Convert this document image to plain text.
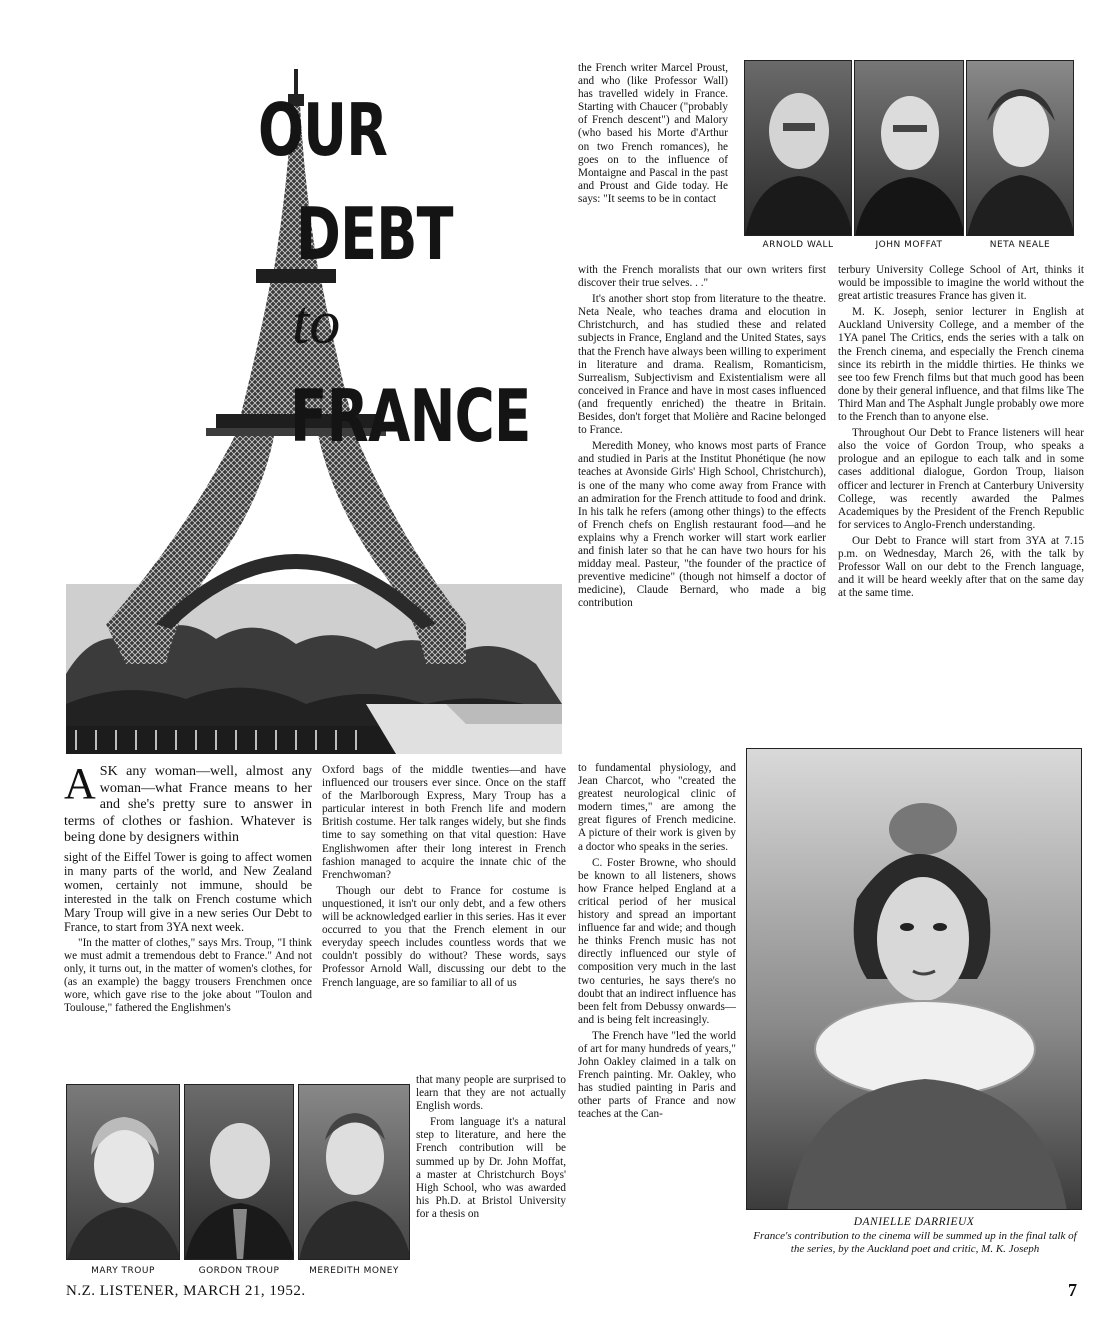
OUR
DEBT
to
FRANCE
ARNOLD WALL	JOHN MOFFAT	NETA NEALE

ASK any woman—well, almost any woman—what France means to her and she's pretty sure to answer in terms of clothes or fashion. Whatever is being done by designers within

sight of the Eiffel Tower is going to affect women in many parts of the world, and New Zealand women, certainly not immune, should be interested in the talk on French costume which Mary Troup will give in a new series Our Debt to France, to start from 3YA next week.

"In the matter of clothes," says Mrs. Troup, "I think we must admit a tremendous debt to France." And not only, it turns out, in the matter of women's clothes, for (as an example) the baggy trousers Frenchmen once wore, which gave rise to the joke about "Toulon and Toulouse," fathered the Englishmen's

MARY TROUP	GORDON TROUP	MEREDITH MONEY

Oxford bags of the middle twenties—and have influenced our trousers ever since. Once on the staff of the Marlborough Express, Mary Troup has a particular interest in both French life and modern British costume. Her talk ranges widely, but she finds time to say something on that vital question: Have Englishwomen after their long interest in French fashion managed to acquire the innate chic of the Frenchwoman?

Though our debt to France for costume is unquestioned, it isn't our only debt, and a few others will be acknowledged earlier in this series. Has it ever occurred to you that the French element in our everyday speech includes countless words that we couldn't possibly do without? These words, says Professor Arnold Wall, discussing our debt to the French language, are so familiar to all of us

that many people are surprised to learn that they are not actually English words.

From language it's a natural step to literature, and here the French contribution will be summed up by Dr. John Moffat, a master at Christchurch Boys' High School, who was awarded his Ph.D. at Bristol University for a thesis on

the French writer Marcel Proust, and who (like Professor Wall) has travelled widely in France. Starting with Chaucer ("probably of French descent") and Malory (who based his Morte d'Arthur on two French romances), he goes on to the influence of Montaigne and Pascal in the past and Proust and Gide today. He says: "It seems to be in contact

with the French moralists that our own writers first discover their true selves. . ."

It's another short stop from literature to the theatre. Neta Neale, who teaches drama and elocution in Christchurch, and has studied these and related subjects in France, England and the United States, says that the French have always been willing to experiment in literature and drama. Realism, Romanticism, Surrealism, Subjectivism and Existentialism were all conceived in France and have in most cases influenced (and frequently enriched) the theatre in Britain. Besides, don't forget that Molière and Racine belonged to France.

Meredith Money, who knows most parts of France and studied in Paris at the Institut Phonétique (he now teaches at Avonside Girls' High School, Christchurch), is one of the many who come away from France with an admiration for the French attitude to food and drink. In his talk he refers (among other things) to the effects of French chefs on English restaurant food—and he explains why a French worker will start work earlier and finish later so that he can have two hours for his midday meal. Pasteur, "the founder of the practice of preventive medicine" (though not himself a doctor of medicine), Claude Bernard, who made a big contribution

to fundamental physiology, and Jean Charcot, who "created the greatest neurological clinic of modern times," are among the great figures of French medicine. A picture of their work is given by a doctor who speaks in the series.

C. Foster Browne, who should be known to all listeners, shows how France helped England at a critical period of her musical history and spread an important influence far and wide; and though he thinks French music has not directly influenced our style of composition very much in the last two centuries, he says there's no doubt that an indirect influence has been felt from Debussy onwards—and is being felt increasingly.

The French have "led the world of art for many hundreds of years," John Oakley claimed in a talk on French painting. Mr. Oakley, who has studied painting in Paris and other parts of France and now teaches at the Can-

terbury University College School of Art, thinks it would be impossible to imagine the world without the great artistic treasures France has given it.

M. K. Joseph, senior lecturer in English at Auckland University College, and a member of the 1YA panel The Critics, ends the series with a talk on the French cinema, and especially the French cinema since its rebirth in the middle thirties. He thinks we see too few French films but that much good has been done by their general influence, and that films like The Third Man and The Asphalt Jungle probably owe more to the French than to anyone else.

Throughout Our Debt to France listeners will hear also the voice of Gordon Troup, who speaks a prologue and an epilogue to each talk and in some cases additional dialogue, Gordon Troup, liaison officer and lecturer in French at Canterbury University College, was recently awarded the Palmes Academiques by the President of the French Republic for services to Anglo-French understanding.

Our Debt to France will start from 3YA at 7.15 p.m. on Wednesday, March 26, with the talk by Professor Wall on our debt to the French language, and it will be heard weekly after that on the same day at the same time.

DANIELLE DARRIEUX
France's contribution to the cinema will be summed up in the final talk of the series, by the Auckland poet and critic, M. K. Joseph
N.Z. LISTENER, MARCH 21, 1952.	7
